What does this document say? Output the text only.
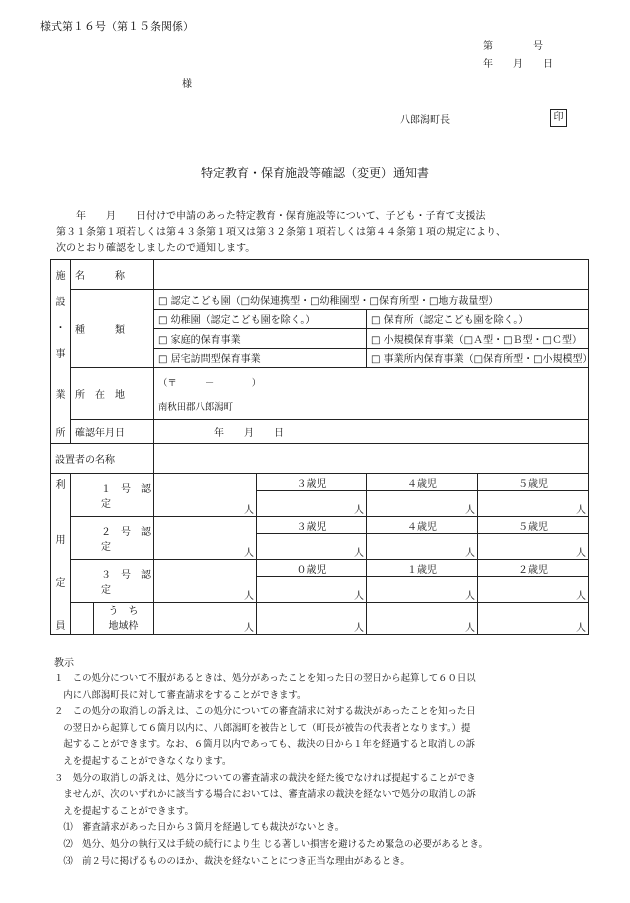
様式第１６号（第１５条関係）
第　　　　号
年　　月　　日
様
八郎潟町長	印
特定教育・保育施設等確認（変更）通知書
　　年　　月　　日付けで申請のあった特定教育・保育施設等について、子ども・子育て支援法
第３１条第１項若しくは第４３条第１項又は第３２条第１項若しくは第４４条第１項の規定により、
次のとおり確認をしましたので通知します。
施	名　　　称					

設
・
事	種　　　類		□ 認定こども園（□幼保連携型・□幼稚園型・□保育所型・□地方裁量型）			
			□ 幼稚園（認定こども園を除く。）		□ 保育所（認定こども園を除く。）	
			□ 家庭的保育事業		□ 小規模保育事業（□Ａ型・□Ｂ型・□Ｃ型）	
			□ 居宅訪問型保育事業		□ 事業所内保育事業（□保育所型・□小規模型）	
業	所　在　地		（〒　　　－　　　　）
南秋田郡八郎潟町			

所	確認年月日		年　　月　　日			
設置者の名称						
利	１　号　認　定		人	３歳児	４歳児	５歳児
				人	人	人
用	２　号　認　定		人	３歳児	４歳児	５歳児
				人	人	人
定	３　号　認　定		人	０歳児	１歳児	２歳児
				人	人	人
員		う　ち
地域枠	人	人	人	人
教示

１　この処分について不服があるときは、処分があったことを知った日の翌日から起算して６０日以

　内に八郎潟町長に対して審査請求をすることができます。

２　この処分の取消しの訴えは、この処分についての審査請求に対する裁決があったことを知った日

　の翌日から起算して６箇月以内に、八郎潟町を被告として（町長が被告の代表者となります。）提

　起することができます。なお、６箇月以内であっても、裁決の日から１年を経過すると取消しの訴

　えを提起することができなくなります。

３　処分の取消しの訴えは、処分についての審査請求の裁決を経た後でなければ提起することができ

　ませんが、次のいずれかに該当する場合においては、審査請求の裁決を経ないで処分の取消しの訴

　えを提起することができます。

　⑴　審査請求があった日から３箇月を経過しても裁決がないとき。

　⑵　処分、処分の執行又は手続の続行により生 じる著しい損害を避けるため緊急の必要があるとき。

　⑶　前２号に掲げるもののほか、裁決を経ないことにつき正当な理由があるとき。
